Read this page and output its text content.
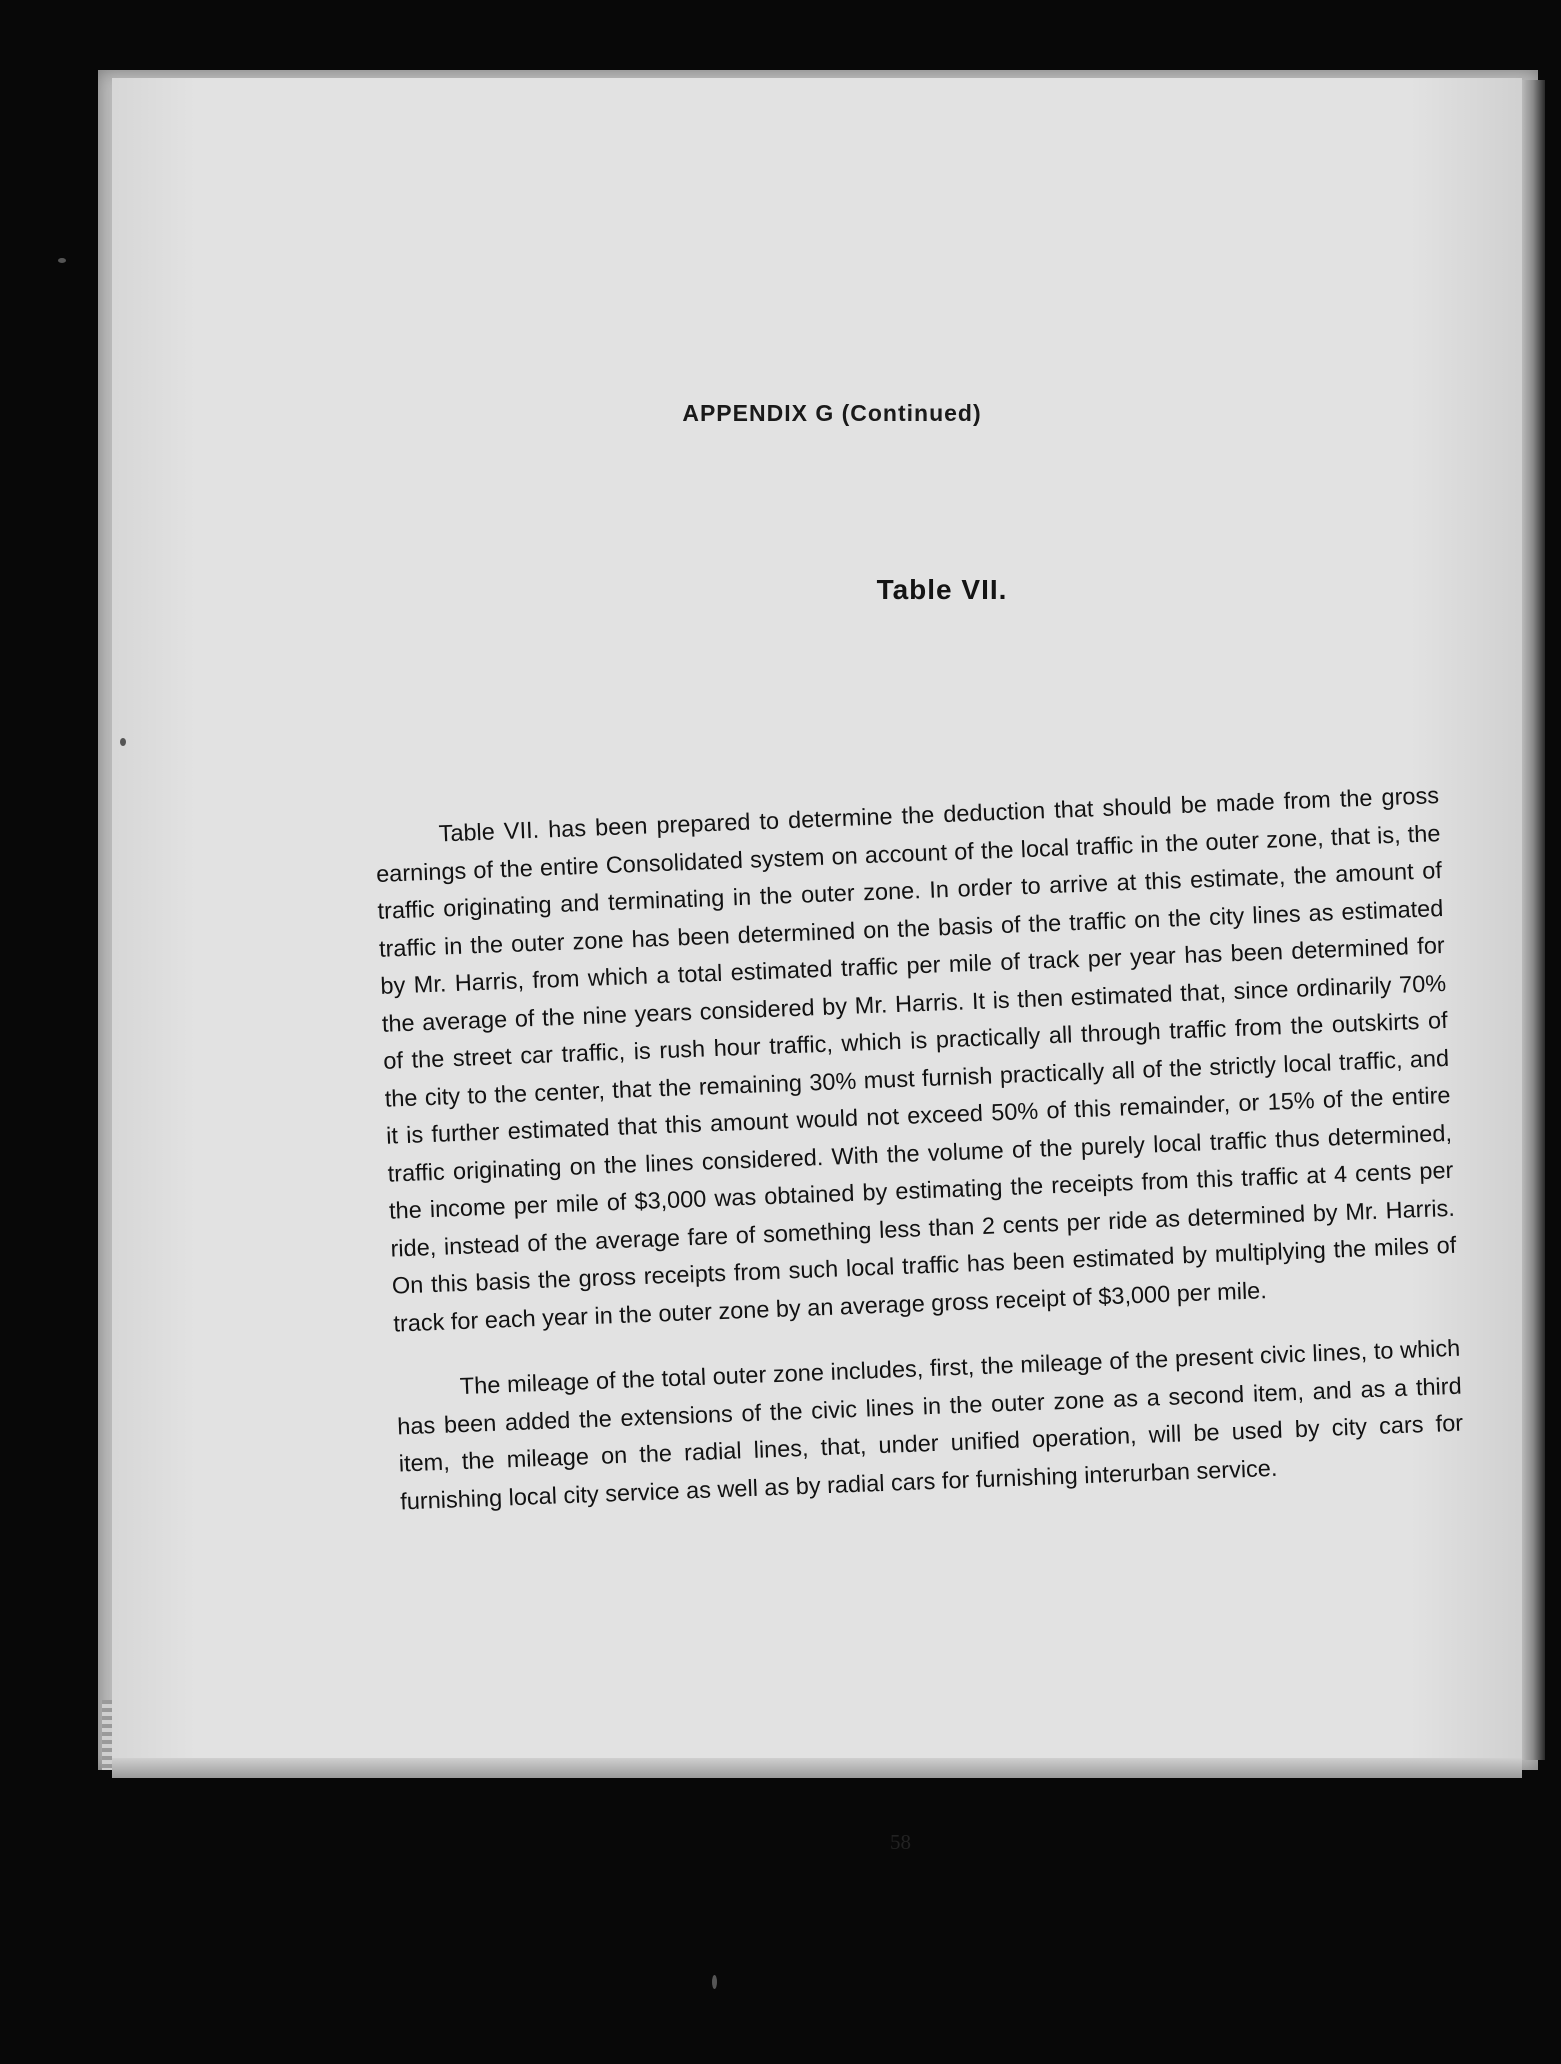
APPENDIX G (Continued)
Table VII.

Table VII. has been prepared to determine the deduction that should be made from the gross earnings of the entire Consolidated system on account of the local traffic in the outer zone, that is, the traffic originating and terminating in the outer zone. In order to arrive at this estimate, the amount of traffic in the outer zone has been determined on the basis of the traffic on the city lines as estimated by Mr. Harris, from which a total estimated traffic per mile of track per year has been determined for the average of the nine years considered by Mr. Harris. It is then estimated that, since ordinarily 70% of the street car traffic, is rush hour traffic, which is practically all through traffic from the outskirts of the city to the center, that the remaining 30% must furnish practically all of the strictly local traffic, and it is further estimated that this amount would not exceed 50% of this remainder, or 15% of the entire traffic originating on the lines considered. With the volume of the purely local traffic thus determined, the income per mile of $3,000 was obtained by estimating the receipts from this traffic at 4 cents per ride, instead of the average fare of something less than 2 cents per ride as determined by Mr. Harris. On this basis the gross receipts from such local traffic has been estimated by multiplying the miles of track for each year in the outer zone by an average gross receipt of $3,000 per mile.

The mileage of the total outer zone includes, first, the mileage of the present civic lines, to which has been added the extensions of the civic lines in the outer zone as a second item, and as a third item, the mileage on the radial lines, that, under unified operation, will be used by city cars for furnishing local city service as well as by radial cars for furnishing interurban service.

58
